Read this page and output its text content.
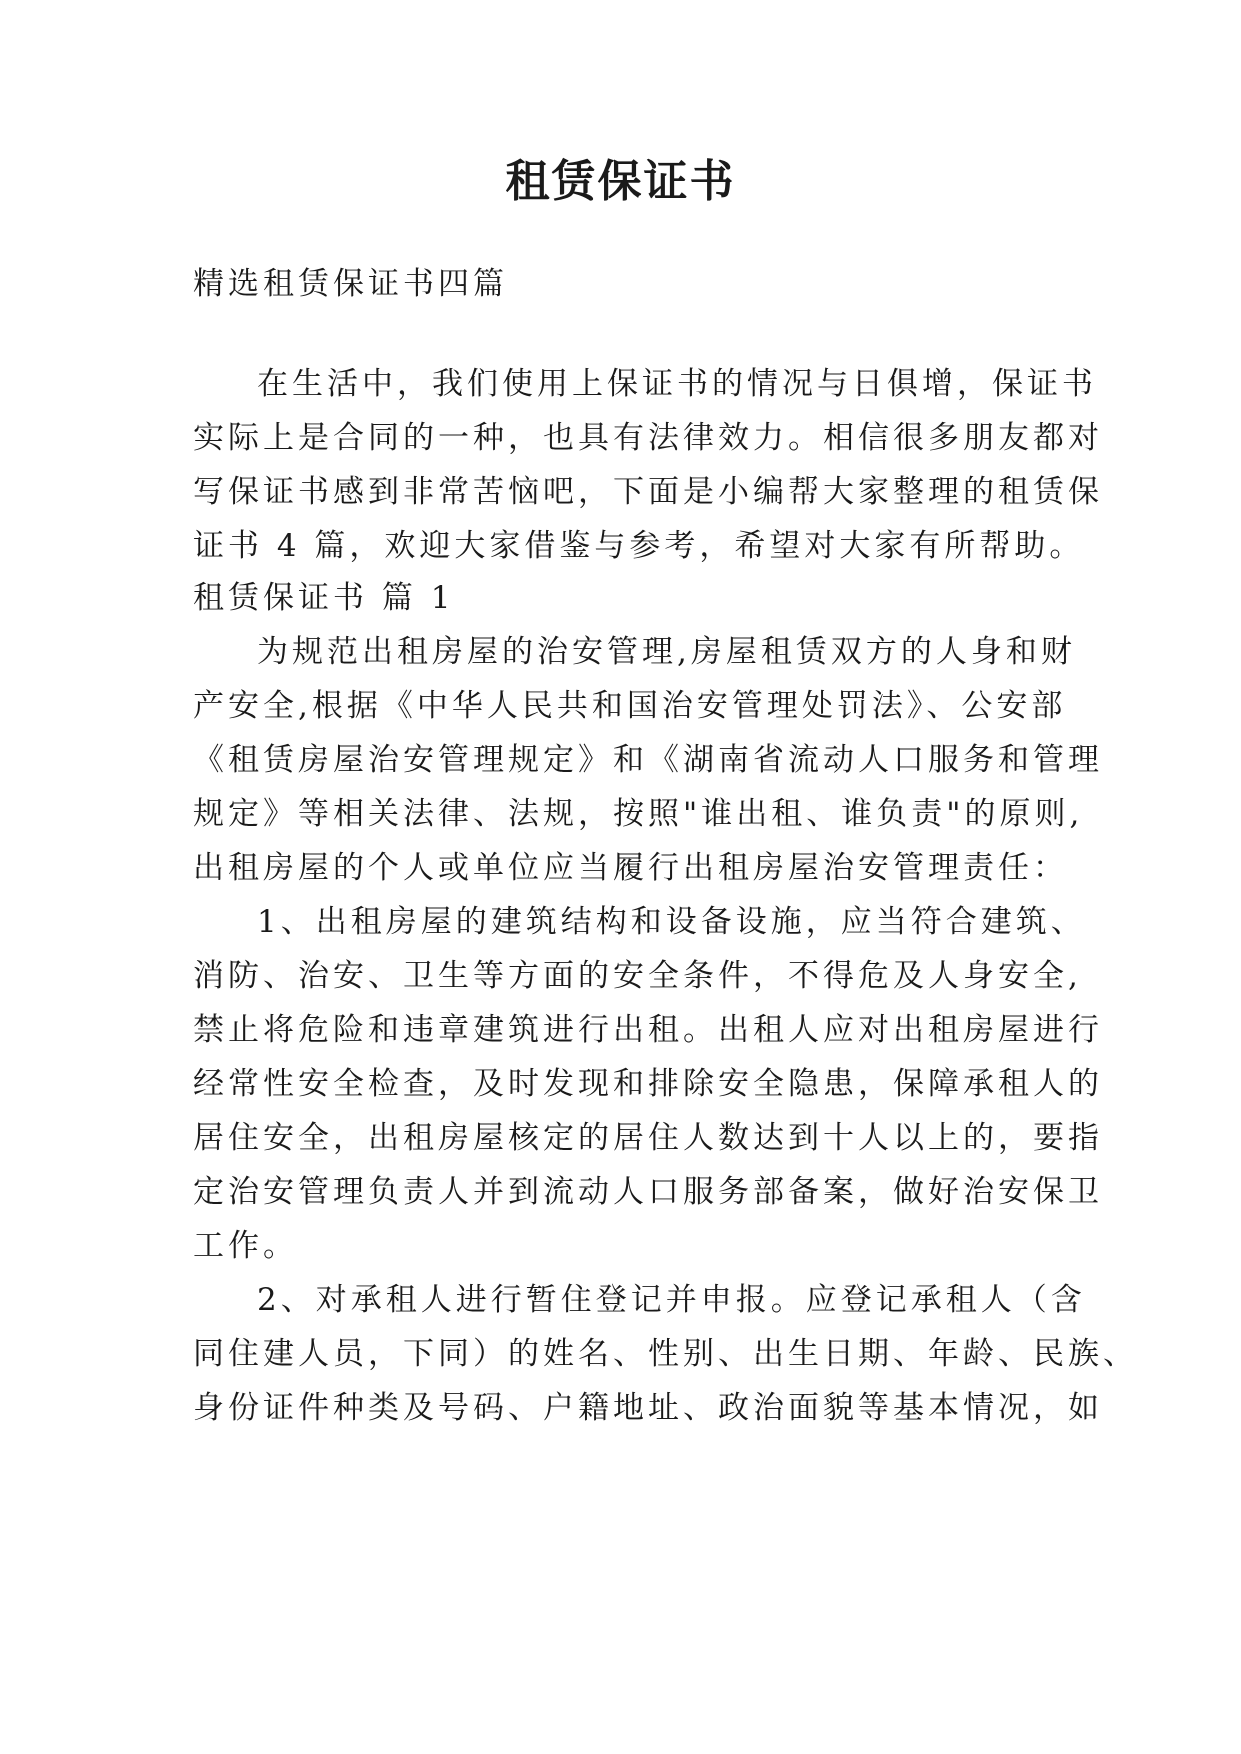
租赁保证书

精选租赁保证书四篇

在生活中，我们使用上保证书的情况与日俱增，保证书

实际上是合同的一种，也具有法律效力。相信很多朋友都对

写保证书感到非常苦恼吧，下面是小编帮大家整理的租赁保

证书 4 篇，欢迎大家借鉴与参考，希望对大家有所帮助。

租赁保证书 篇 1

为规范出租房屋的治安管理,房屋租赁双方的人身和财

产安全,根据《中华人民共和国治安管理处罚法》、公安部

《租赁房屋治安管理规定》和《湖南省流动人口服务和管理

规定》等相关法律、法规，按照"谁出租、谁负责"的原则,

出租房屋的个人或单位应当履行出租房屋治安管理责任：

1、出租房屋的建筑结构和设备设施，应当符合建筑、

消防、治安、卫生等方面的安全条件，不得危及人身安全,

禁止将危险和违章建筑进行出租。出租人应对出租房屋进行

经常性安全检查，及时发现和排除安全隐患，保障承租人的

居住安全，出租房屋核定的居住人数达到十人以上的，要指

定治安管理负责人并到流动人口服务部备案，做好治安保卫

工作。

2、对承租人进行暂住登记并申报。应登记承租人（含

同住建人员，下同）的姓名、性别、出生日期、年龄、民族、

身份证件种类及号码、户籍地址、政治面貌等基本情况，如
